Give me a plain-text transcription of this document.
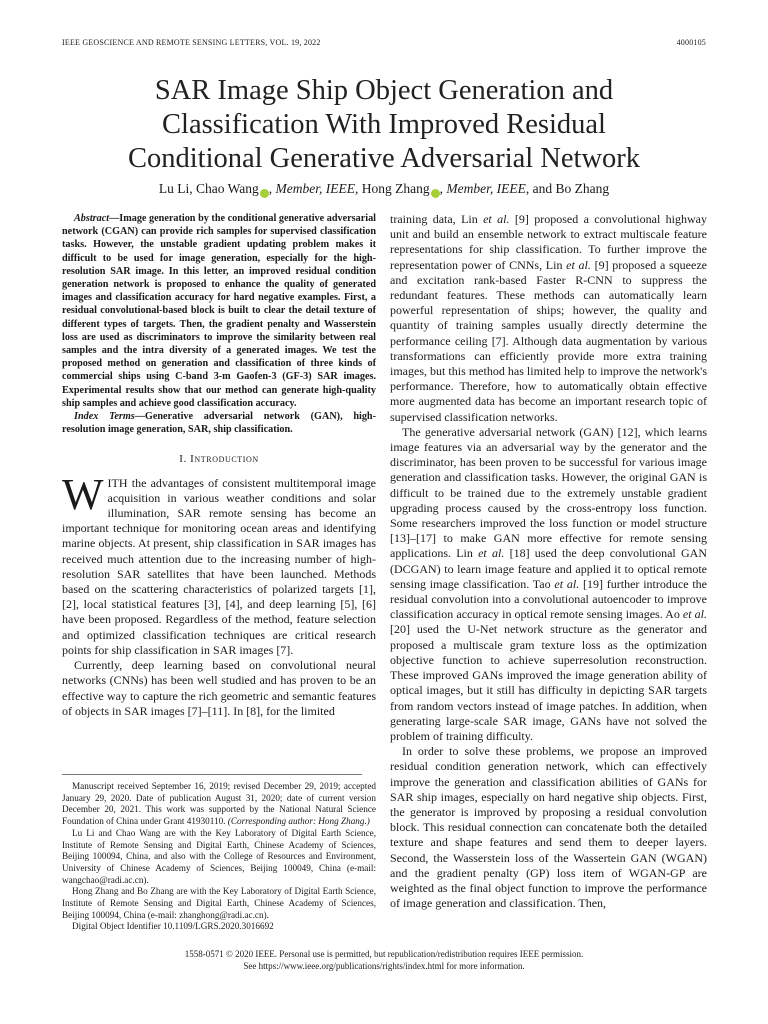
IEEE GEOSCIENCE AND REMOTE SENSING LETTERS, VOL. 19, 2022	4000105
SAR Image Ship Object Generation and
Classification With Improved Residual
Conditional Generative Adversarial Network
Lu Li, Chao Wang , Member, IEEE, Hong Zhang , Member, IEEE, and Bo Zhang

Abstract—Image generation by the conditional generative adversarial network (CGAN) can provide rich samples for supervised classification tasks. However, the unstable gradient updating problem makes it difficult to be used for image generation, especially for the high-resolution SAR image. In this letter, an improved residual condition generation network is proposed to enhance the quality of generated images and classification accuracy for hard negative examples. First, a residual convolutional-based block is built to clear the detail texture of different types of targets. Then, the gradient penalty and Wasserstein loss are used as discriminators to improve the similarity between real samples and the intra diversity of a generated images. We test the proposed method on generation and classification of three kinds of commercial ships using C-band 3-m Gaofen-3 (GF-3) SAR images. Experimental results show that our method can generate high-quality ship samples and achieve good classification accuracy.

Index Terms—Generative adversarial network (GAN), high-resolution image generation, SAR, ship classification.

I. Introduction

WITH the advantages of consistent multitemporal image acquisition in various weather conditions and solar illumination, SAR remote sensing has become an important technique for monitoring ocean areas and identifying marine objects. At present, ship classification in SAR images has received much attention due to the increasing number of high-resolution SAR satellites that have been launched. Methods based on the scattering characteristics of polarized targets [1], [2], local statistical features [3], [4], and deep learning [5], [6] have been proposed. Regardless of the method, feature selection and optimized classification techniques are critical research points for ship classification in SAR images [7].

Currently, deep learning based on convolutional neural networks (CNNs) has been well studied and has proven to be an effective way to capture the rich geometric and semantic features of objects in SAR images [7]–[11]. In [8], for the limited

Manuscript received September 16, 2019; revised December 29, 2019; accepted January 29, 2020. Date of publication August 31, 2020; date of current version December 20, 2021. This work was supported by the National Natural Science Foundation of China under Grant 41930110. (Corresponding author: Hong Zhang.)

Lu Li and Chao Wang are with the Key Laboratory of Digital Earth Science, Institute of Remote Sensing and Digital Earth, Chinese Academy of Sciences, Beijing 100094, China, and also with the College of Resources and Environment, University of Chinese Academy of Sciences, Beijing 100049, China (e-mail: wangchao@radi.ac.cn).

Hong Zhang and Bo Zhang are with the Key Laboratory of Digital Earth Science, Institute of Remote Sensing and Digital Earth, Chinese Academy of Sciences, Beijing 100094, China (e-mail: zhanghong@radi.ac.cn).

Digital Object Identifier 10.1109/LGRS.2020.3016692

training data, Lin et al. [9] proposed a convolutional highway unit and build an ensemble network to extract multiscale feature representations for ship classification. To further improve the representation power of CNNs, Lin et al. [9] proposed a squeeze and excitation rank-based Faster R-CNN to suppress the redundant features. These methods can automatically learn powerful representation of ships; however, the quality and quantity of training samples usually directly determine the performance ceiling [7]. Although data augmentation by various transformations can efficiently provide more extra training images, but this method has limited help to improve the network's performance. Therefore, how to automatically obtain effective more augmented data has become an important research topic of supervised classification networks.

The generative adversarial network (GAN) [12], which learns image features via an adversarial way by the generator and the discriminator, has been proven to be successful for various image generation and classification tasks. However, the original GAN is difficult to be trained due to the extremely unstable gradient upgrading process caused by the cross-entropy loss function. Some researchers improved the loss function or model structure [13]–[17] to make GAN more effective for remote sensing applications. Lin et al. [18] used the deep convolutional GAN (DCGAN) to learn image feature and applied it to optical remote sensing image classification. Tao et al. [19] further introduce the residual convolution into a convolutional autoencoder to improve classification accuracy in optical remote sensing images. Ao et al. [20] used the U-Net network structure as the generator and proposed a multiscale gram texture loss as the optimization objective function to achieve superresolution reconstruction. These improved GANs improved the image generation ability of optical images, but it still has difficulty in depicting SAR targets from random vectors instead of image patches. In addition, when generating large-scale SAR image, GANs have not solved the problem of training difficulty.

In order to solve these problems, we propose an improved residual condition generation network, which can effectively improve the generation and classification abilities of GANs for SAR ship images, especially on hard negative ship objects. First, the generator is improved by proposing a residual convolution block. This residual connection can concatenate both the detailed texture and shape features and send them to deeper layers. Second, the Wasserstein loss of the Wassertein GAN (WGAN) and the gradient penalty (GP) loss item of WGAN-GP are weighted as the final object function to improve the performance of image generation and classification. Then,

1558-0571 © 2020 IEEE. Personal use is permitted, but republication/redistribution requires IEEE permission.
See https://www.ieee.org/publications/rights/index.html for more information.
